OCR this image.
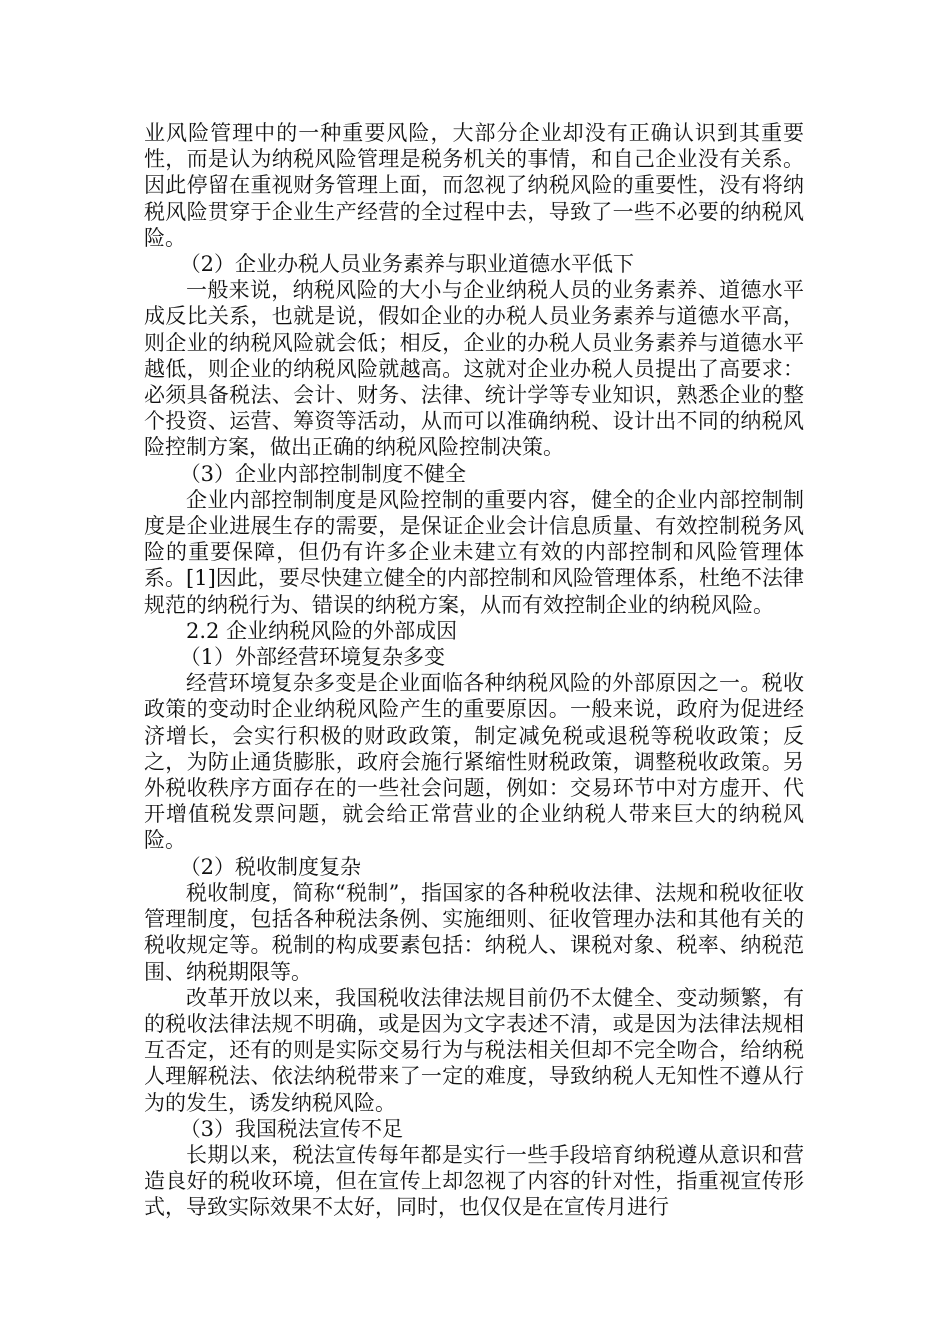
业风险管理中的一种重要风险，大部分企业却没有正确认识到其重要性，而是认为纳税风险管理是税务机关的事情，和自己企业没有关系。因此停留在重视财务管理上面，而忽视了纳税风险的重要性，没有将纳税风险贯穿于企业生产经营的全过程中去，导致了一些不必要的纳税风险。

（2）企业办税人员业务素养与职业道德水平低下

一般来说，纳税风险的大小与企业纳税人员的业务素养、道德水平成反比关系，也就是说，假如企业的办税人员业务素养与道德水平高，则企业的纳税风险就会低；相反，企业的办税人员业务素养与道德水平越低，则企业的纳税风险就越高。这就对企业办税人员提出了高要求：必须具备税法、会计、财务、法律、统计学等专业知识，熟悉企业的整个投资、运营、筹资等活动，从而可以准确纳税、设计出不同的纳税风险控制方案，做出正确的纳税风险控制决策。

（3）企业内部控制制度不健全

企业内部控制制度是风险控制的重要内容，健全的企业内部控制制度是企业进展生存的需要，是保证企业会计信息质量、有效控制税务风险的重要保障，但仍有许多企业未建立有效的内部控制和风险管理体系。[1]因此，要尽快建立健全的内部控制和风险管理体系，杜绝不法律规范的纳税行为、错误的纳税方案，从而有效控制企业的纳税风险。

2.2 企业纳税风险的外部成因

（1）外部经营环境复杂多变

经营环境复杂多变是企业面临各种纳税风险的外部原因之一。税收政策的变动时企业纳税风险产生的重要原因。一般来说，政府为促进经济增长，会实行积极的财政政策，制定减免税或退税等税收政策；反之，为防止通货膨胀，政府会施行紧缩性财税政策，调整税收政策。另外税收秩序方面存在的一些社会问题，例如：交易环节中对方虚开、代开增值税发票问题，就会给正常营业的企业纳税人带来巨大的纳税风险。

（2）税收制度复杂

税收制度，简称“税制”，指国家的各种税收法律、法规和税收征收管理制度，包括各种税法条例、实施细则、征收管理办法和其他有关的税收规定等。税制的构成要素包括：纳税人、课税对象、税率、纳税范围、纳税期限等。

改革开放以来，我国税收法律法规目前仍不太健全、变动频繁，有的税收法律法规不明确，或是因为文字表述不清，或是因为法律法规相互否定，还有的则是实际交易行为与税法相关但却不完全吻合，给纳税人理解税法、依法纳税带来了一定的难度，导致纳税人无知性不遵从行为的发生，诱发纳税风险。

（3）我国税法宣传不足

长期以来，税法宣传每年都是实行一些手段培育纳税遵从意识和营造良好的税收环境，但在宣传上却忽视了内容的针对性，指重视宣传形式，导致实际效果不太好，同时，也仅仅是在宣传月进行
